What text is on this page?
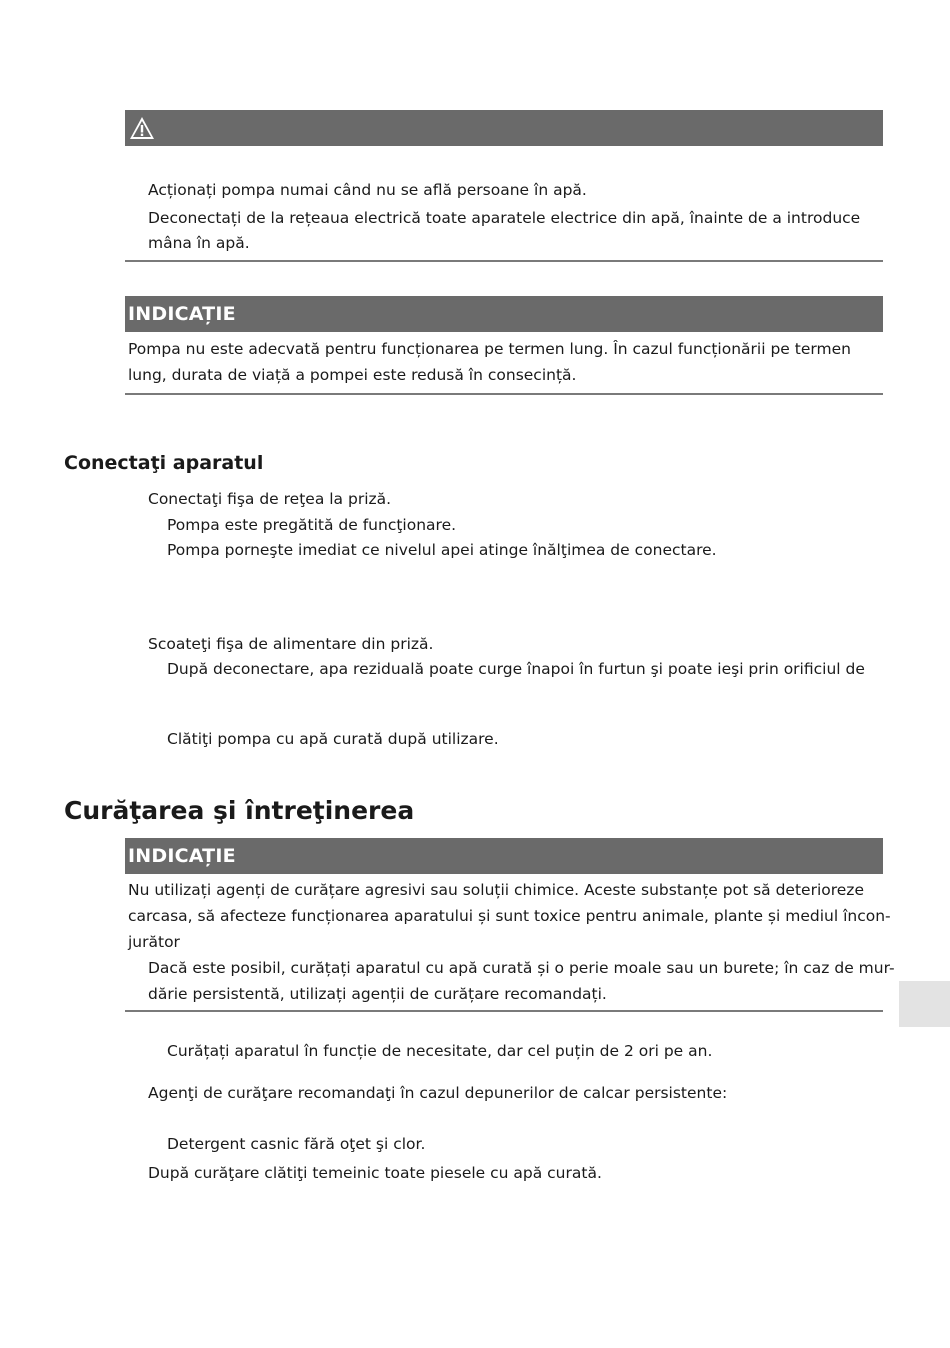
Acționați pompa numai când nu se află persoane în apă.
Deconectați de la rețeaua electrică toate aparatele electrice din apă, înainte de a introduce
mâna în apă.
INDICAȚIE
Pompa nu este adecvată pentru funcționarea pe termen lung. În cazul funcționării pe termen
lung, durata de viață a pompei este redusă în consecință.
Conectaţi aparatul
Conectaţi fişa de reţea la priză.
Pompa este pregătită de funcţionare.
Pompa porneşte imediat ce nivelul apei atinge înălţimea de conectare.
Scoateţi fişa de alimentare din priză.
După deconectare, apa reziduală poate curge înapoi în furtun şi poate ieşi prin orificiul de
Clătiţi pompa cu apă curată după utilizare.
Curăţarea şi întreţinerea
INDICAȚIE
Nu utilizați agenți de curățare agresivi sau soluții chimice. Aceste substanțe pot să deterioreze
carcasa, să afecteze funcționarea aparatului și sunt toxice pentru animale, plante și mediul încon-
jurător
Dacă este posibil, curățați aparatul cu apă curată și o perie moale sau un burete; în caz de mur-
dărie persistentă, utilizați agenții de curățare recomandați.
Curățați aparatul în funcție de necesitate, dar cel puțin de 2 ori pe an.
Agenţi de curăţare recomandaţi în cazul depunerilor de calcar persistente:
Detergent casnic fără oţet şi clor.
După curăţare clătiţi temeinic toate piesele cu apă curată.
